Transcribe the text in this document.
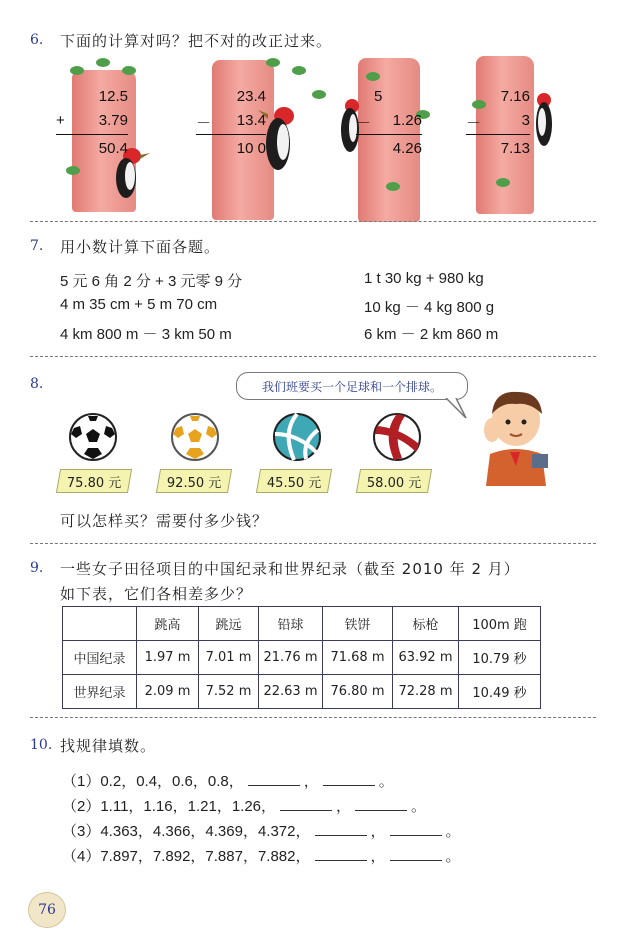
6. 下面的计算对吗？把不对的改正过来。
12.5
+	3.79
50.4
23.4
－	13.4
10 0
5
－	1.26
4.26
7.16
－	3
7.13
7. 用小数计算下面各题。
5 元 6 角 2 分 + 3 元零 9 分	1 t 30 kg + 980 kg
4 m 35 cm + 5 m 70 cm	10 kg － 4 kg 800 g
4 km 800 m － 3 km 50 m	6 km － 2 km 860 m
8.	我们班要买一个足球和一个排球。
75.80 元	92.50 元	45.50 元	58.00 元
可以怎样买？需要付多少钱？
9. 一些女子田径项目的中国纪录和世界纪录（截至 2010 年 2 月）
如下表，它们各相差多少？
	跳高	跳远	铅球	铁饼	标枪	100m 跑
中国纪录	1.97 m	7.01 m	21.76 m	71.68 m	63.92 m	10.79 秒
世界纪录	2.09 m	7.52 m	22.63 m	76.80 m	72.28 m	10.49 秒
10. 找规律填数。
（1）0.2，0.4，0.6，0.8，	，	。
（2）1.11，1.16，1.21，1.26，	，	。
（3）4.363，4.366，4.369，4.372，	，	。
（4）7.897，7.892，7.887，7.882，	，	。
76
